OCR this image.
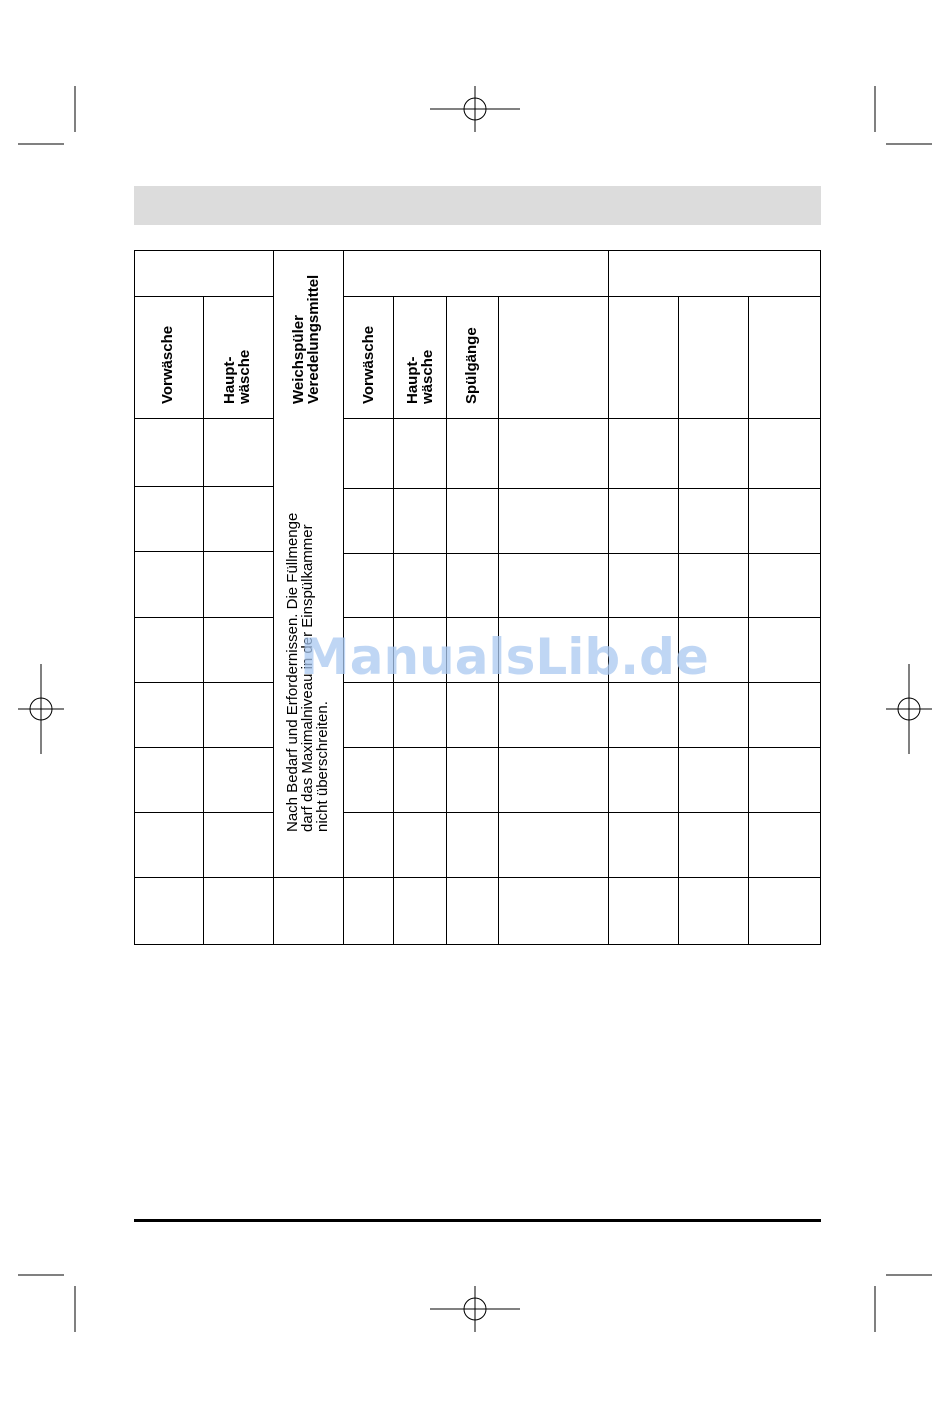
Vorwäsche	Haupt-
wäsche Weichspüler
Veredelungsmittel	Vorwäsche Haupt-
wäsche Spülgänge
Nach Bedarf und Erfordernissen. Die Füllmenge
darf das Maximalniveau in der Einspülkammer
nicht überschreiten.
ManualsLib.de
